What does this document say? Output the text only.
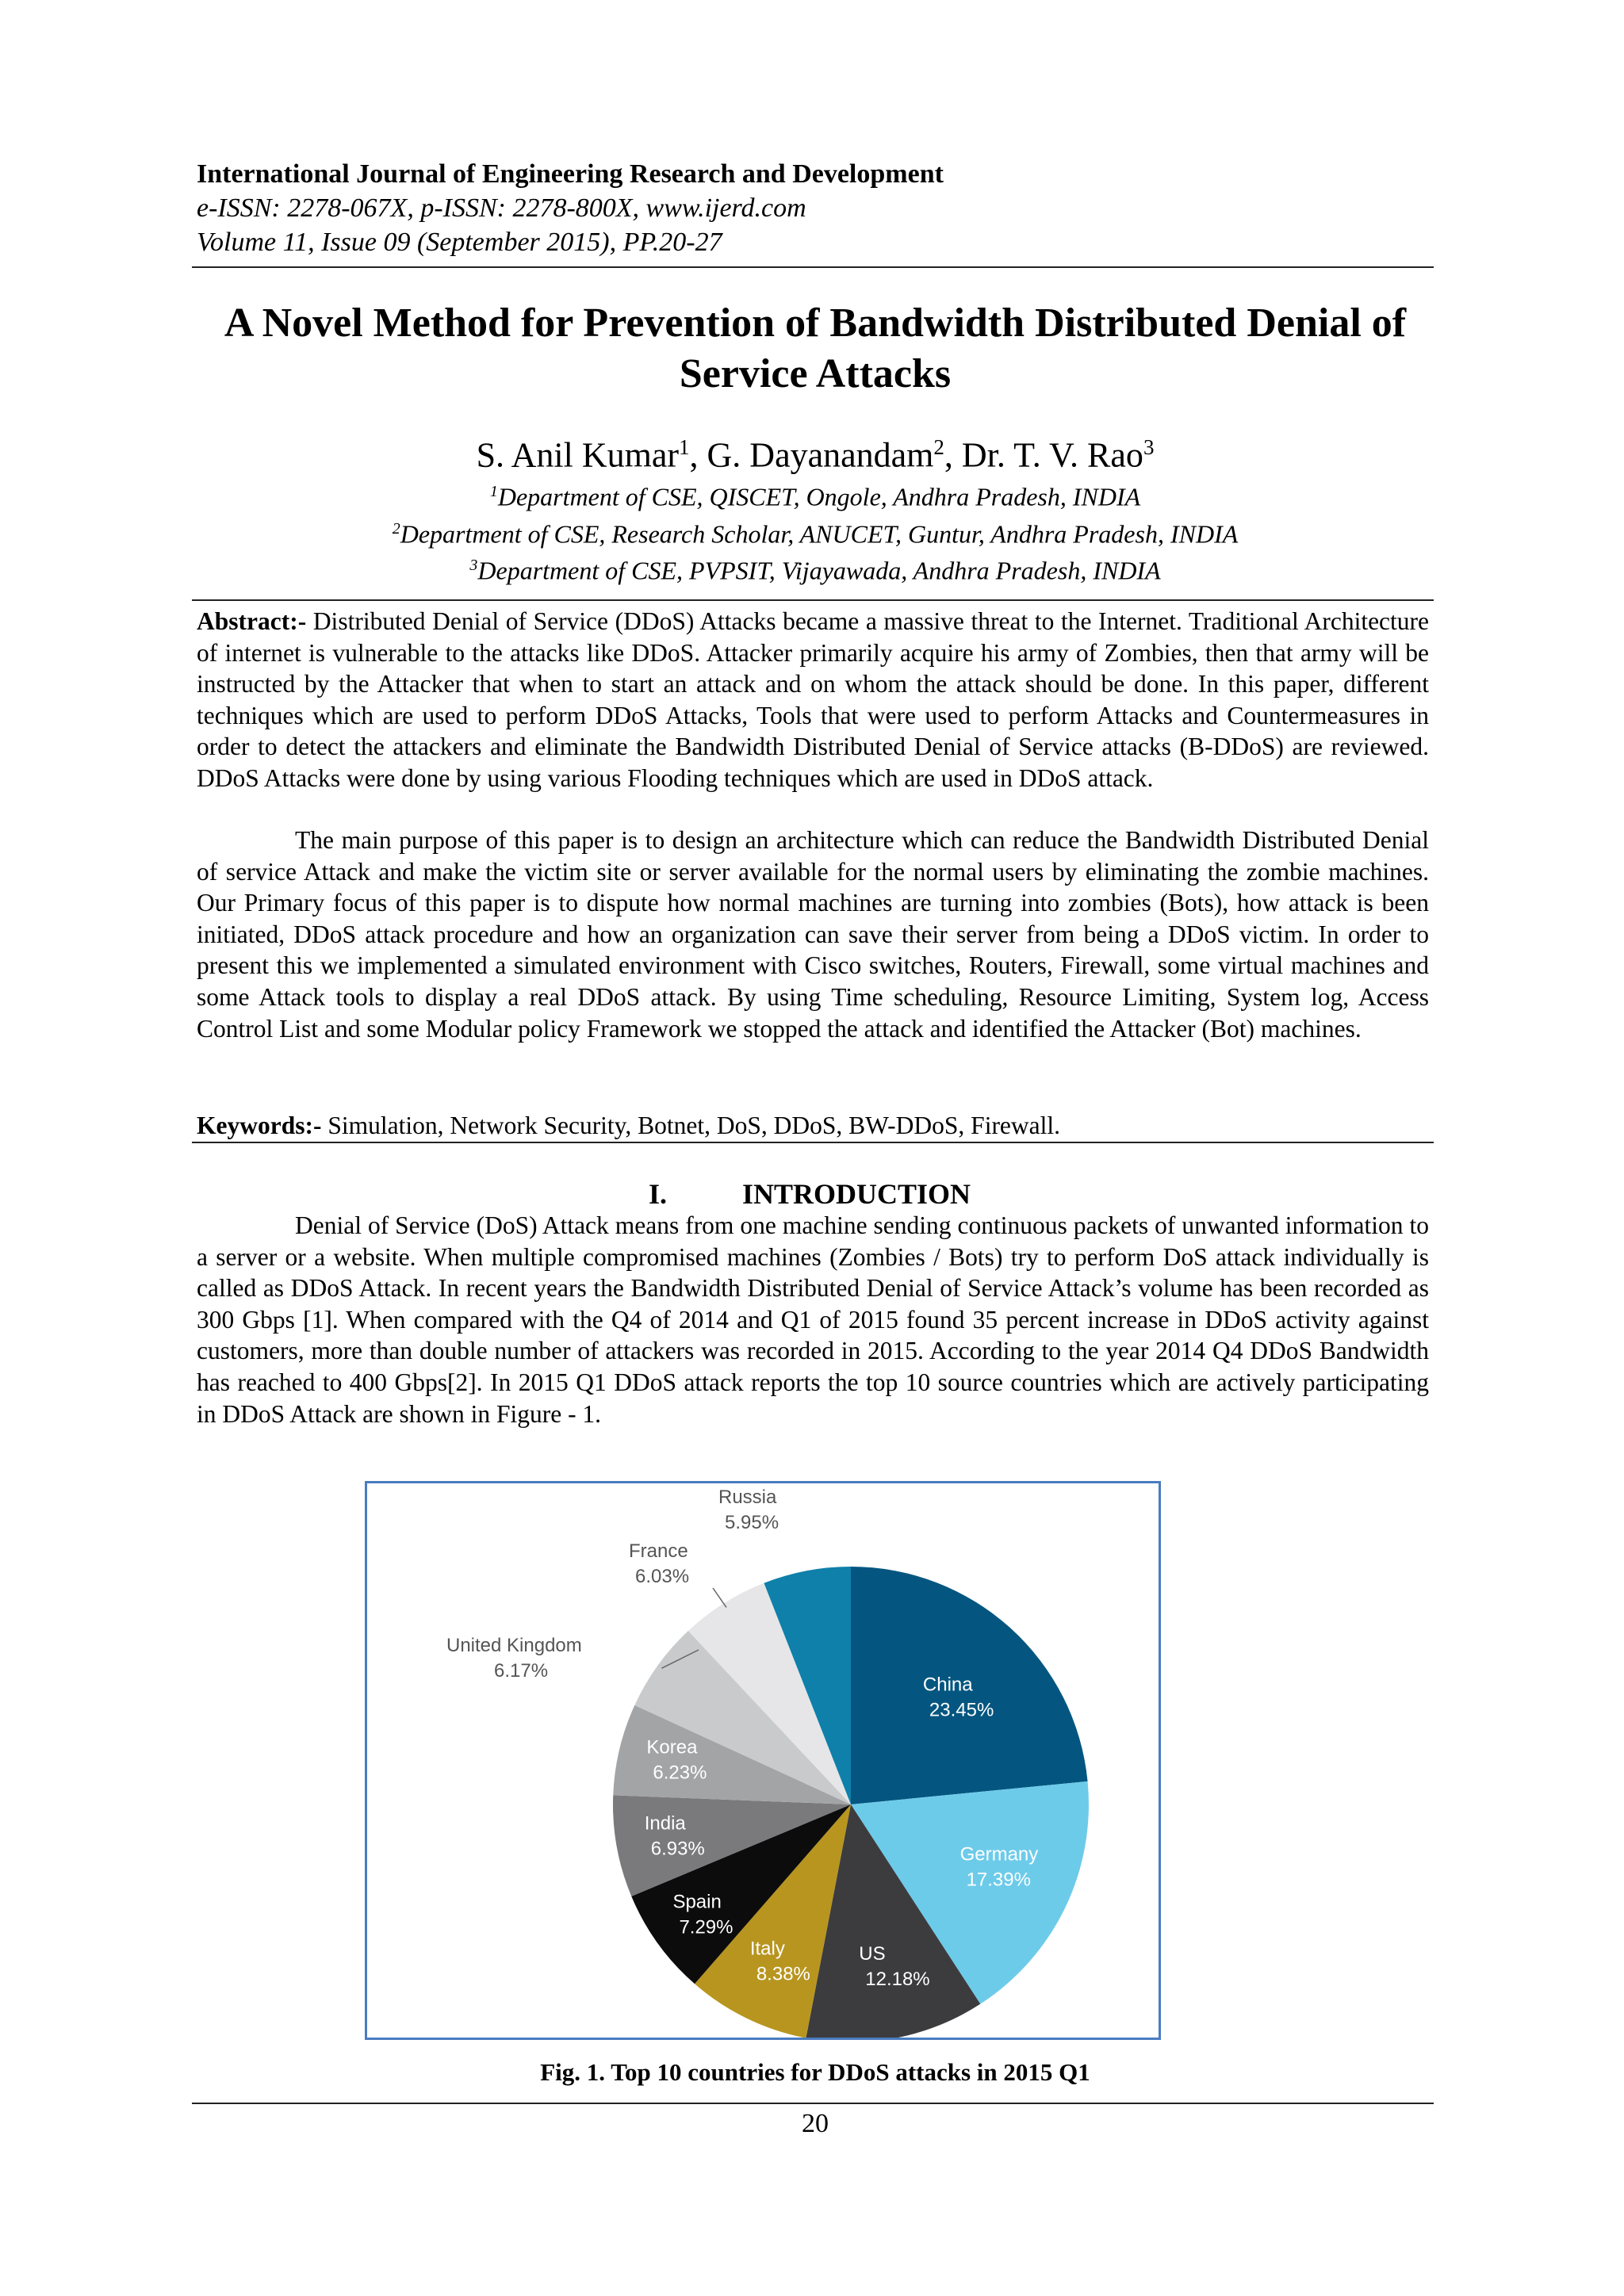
International Journal of Engineering Research and Development
e-ISSN: 2278-067X, p-ISSN: 2278-800X, www.ijerd.com
Volume 11, Issue 09 (September 2015), PP.20-27
A Novel Method for Prevention of Bandwidth Distributed Denial of Service Attacks
S. Anil Kumar$^1$, G. Dayanandam$^2$, Dr. T. V. Rao$^3$
$^1$Department of CSE, QISCET, Ongole, Andhra Pradesh, INDIA
$^2$Department of CSE, Research Scholar, ANUCET, Guntur, Andhra Pradesh, INDIA
$^3$Department of CSE, PVPSIT, Vijayawada, Andhra Pradesh, INDIA
Abstract:- Distributed Denial of Service (DDoS) Attacks became a massive threat to the Internet. Traditional Architecture of internet is vulnerable to the attacks like DDoS. Attacker primarily acquire his army of Zombies, then that army will be instructed by the Attacker that when to start an attack and on whom the attack should be done. In this paper, different techniques which are used to perform DDoS Attacks, Tools that were used to perform Attacks and Countermeasures in order to detect the attackers and eliminate the Bandwidth Distributed Denial of Service attacks (B-DDoS) are reviewed. DDoS Attacks were done by using various Flooding techniques which are used in DDoS attack.
The main purpose of this paper is to design an architecture which can reduce the Bandwidth Distributed Denial of service Attack and make the victim site or server available for the normal users by eliminating the zombie machines. Our Primary focus of this paper is to dispute how normal machines are turning into zombies (Bots), how attack is been initiated, DDoS attack procedure and how an organization can save their server from being a DDoS victim. In order to present this we implemented a simulated environment with Cisco switches, Routers, Firewall, some virtual machines and some Attack tools to display a real DDoS attack. By using Time scheduling, Resource Limiting, System log, Access Control List and some Modular policy Framework we stopped the attack and identified the Attacker (Bot) machines.
Keywords:- Simulation, Network Security, Botnet, DoS, DDoS, BW-DDoS, Firewall.
I.	INTRODUCTION
Denial of Service (DoS) Attack means from one machine sending continuous packets of unwanted information to a server or a website. When multiple compromised machines (Zombies / Bots) try to perform DoS attack individually is called as DDoS Attack. In recent years the Bandwidth Distributed Denial of Service Attack’s volume has been recorded as 300 Gbps [1]. When compared with the Q4 of 2014 and Q1 of 2015 found 35 percent increase in DDoS activity against customers, more than double number of attackers was recorded in 2015. According to the year 2014 Q4 DDoS Bandwidth has reached to 400 Gbps[2]. In 2015 Q1 DDoS attack reports the top 10 source countries which are actively participating in DDoS Attack are shown in Figure - 1.
China 23.45%
Germany 17.39%
US 12.18%
Italy 8.38%
Spain 7.29%
India 6.93%
Korea 6.23%
United Kingdom 6.17%
France 6.03%
Russia 5.95%
Fig. 1. Top 10 countries for DDoS attacks in 2015 Q1
20
